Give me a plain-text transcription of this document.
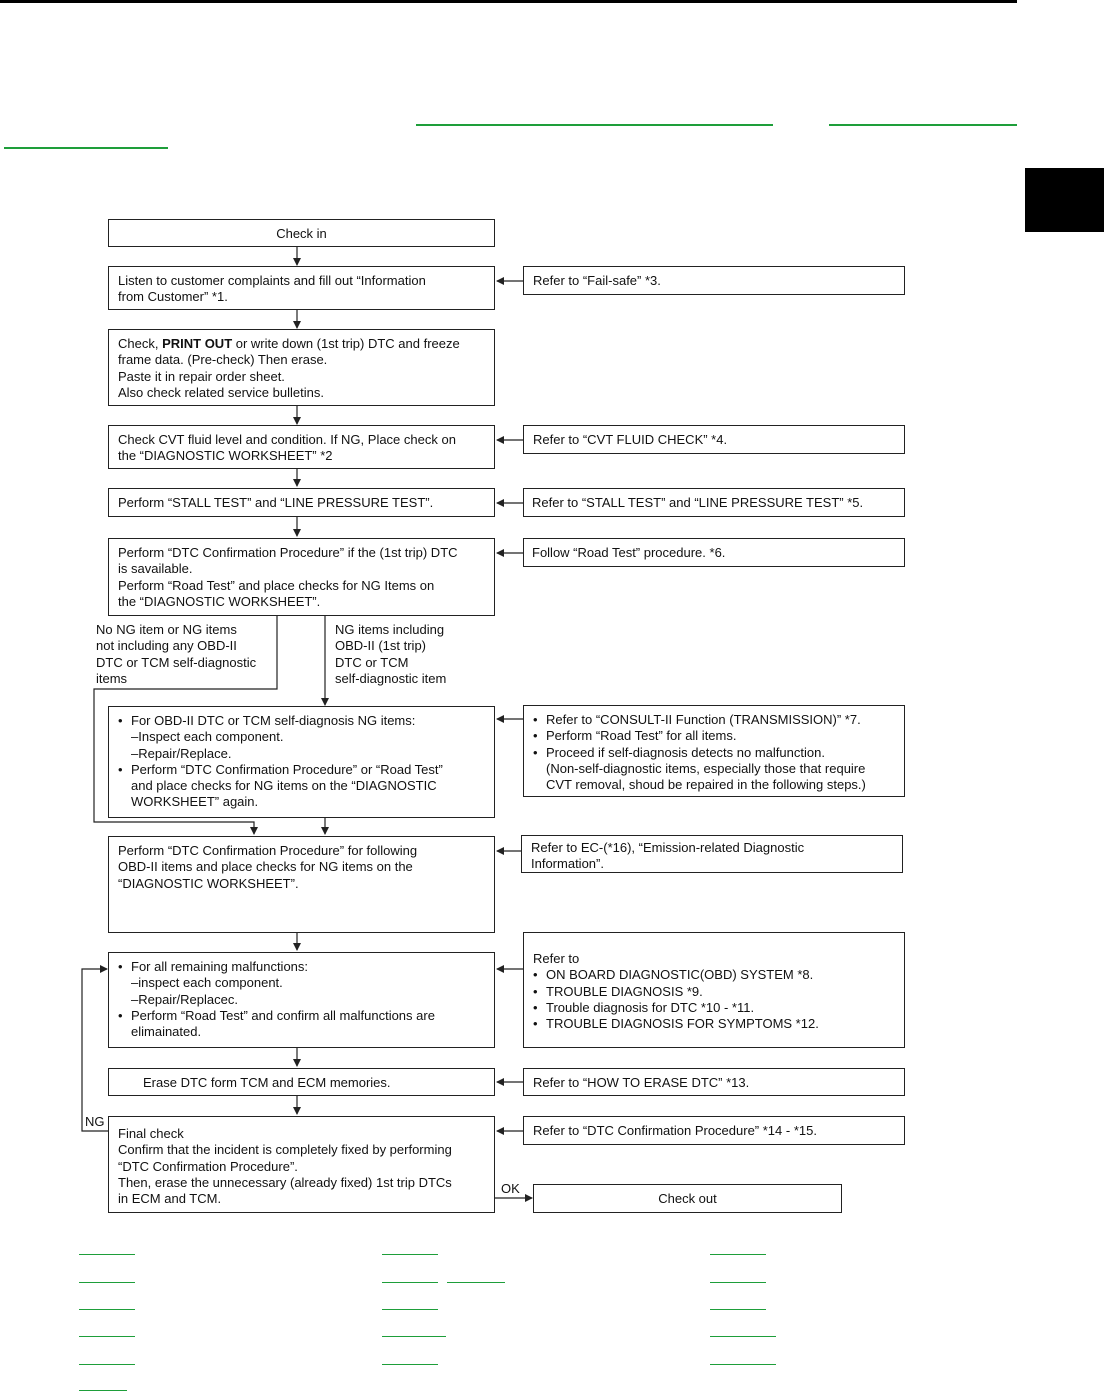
Check in
Listen to customer complaints and fill out “Information
from Customer” *1.
Check, PRINT OUT or write down (1st trip) DTC and freeze
frame data. (Pre-check) Then erase.
Paste it in repair order sheet.
Also check related service bulletins.
Check CVT fluid level and condition. If NG, Place check on
the “DIAGNOSTIC WORKSHEET” *2
Perform “STALL TEST” and “LINE PRESSURE TEST”.
Perform “DTC Confirmation Procedure” if the (1st trip) DTC
is savailable.
Perform “Road Test” and place checks for NG Items on
the “DIAGNOSTIC WORKSHEET”.
No NG item or NG items
not including any OBD-II
DTC or TCM self-diagnostic
items
NG items including
OBD-II (1st trip)
DTC or TCM
self-diagnostic item
• For OBD-II DTC or TCM self-diagnosis NG items:
–Inspect each component.
–Repair/Replace.
• Perform “DTC Confirmation Procedure” or “Road Test”
and place checks for NG items on the “DIAGNOSTIC
WORKSHEET” again.
Perform “DTC Confirmation Procedure” for following
OBD-II items and place checks for NG items on the
“DIAGNOSTIC WORKSHEET”.
• For all remaining malfunctions:
–inspect each component.
–Repair/Replacec.
• Perform “Road Test” and confirm all malfunctions are
elimainated.
Erase DTC form TCM and ECM memories.
Final check
Confirm that the incident is completely fixed by performing
“DTC Confirmation Procedure”.
Then, erase the unnecessary (already fixed) 1st trip DTCs
in ECM and TCM.
NG
OK
Check out
Refer to “Fail-safe” *3.
Refer to “CVT FLUID CHECK” *4.
Refer to “STALL TEST” and “LINE PRESSURE TEST” *5.
Follow “Road Test” procedure. *6.
• Refer to “CONSULT-II Function (TRANSMISSION)” *7.
• Perform “Road Test” for all items.
• Proceed if self-diagnosis detects no malfunction.
(Non-self-diagnostic items, especially those that require
CVT removal, shoud be repaired in the following steps.)
Refer to EC-(*16), “Emission-related Diagnostic
Information”.
Refer to
• ON BOARD DIAGNOSTIC(OBD) SYSTEM *8.
• TROUBLE DIAGNOSIS *9.
• Trouble diagnosis for DTC *10 - *11.
• TROUBLE DIAGNOSIS FOR SYMPTOMS *12.
Refer to “HOW TO ERASE DTC” *13.
Refer to “DTC Confirmation Procedure” *14 - *15.
